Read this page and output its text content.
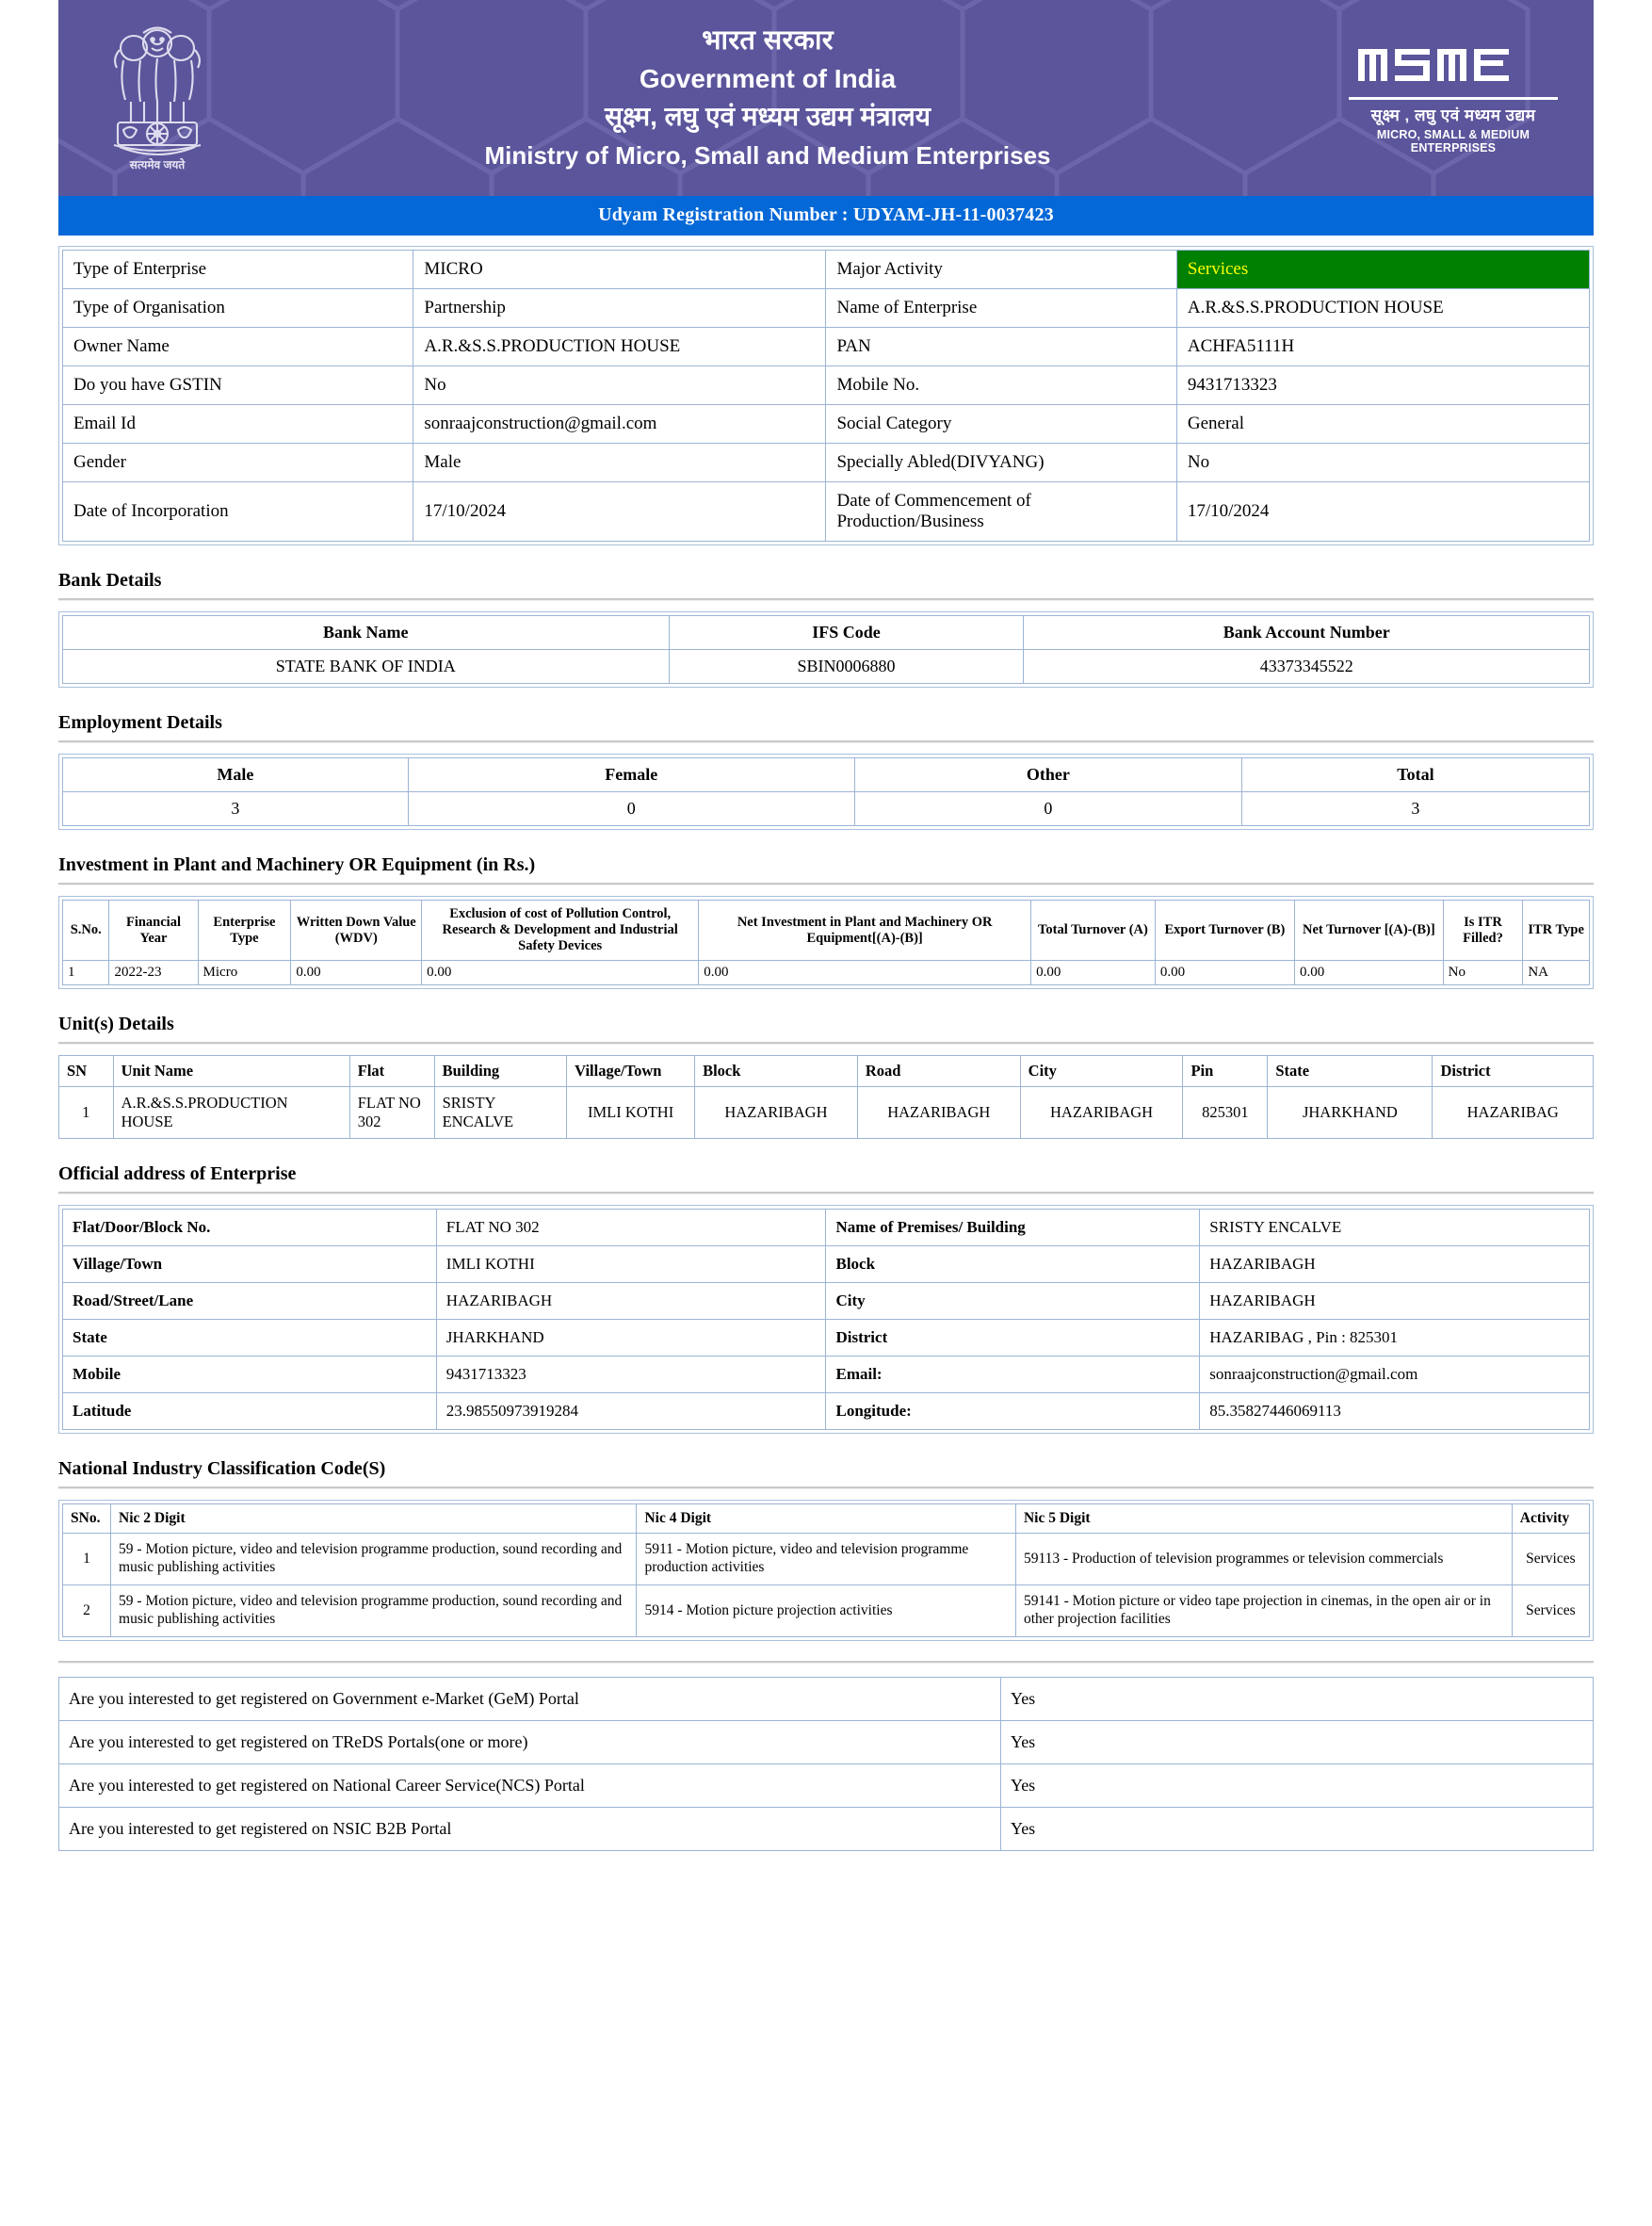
सत्यमेव जयते
भारत सरकार
Government of India
सूक्ष्म, लघु एवं मध्यम उद्यम मंत्रालय
Ministry of Micro, Small and Medium Enterprises
सूक्ष्म , लघु एवं मध्यम उद्यम
MICRO, SMALL & MEDIUM ENTERPRISES
Udyam Registration Number : UDYAM-JH-11-0037423
Type of Enterprise	MICRO	Major Activity	Services
Type of Organisation	Partnership	Name of Enterprise	A.R.&S.S.PRODUCTION HOUSE
Owner Name	A.R.&S.S.PRODUCTION HOUSE	PAN	ACHFA5111H
Do you have GSTIN	No	Mobile No.	9431713323
Email Id	sonraajconstruction@gmail.com	Social Category	General
Gender	Male	Specially Abled(DIVYANG)	No
Date of Incorporation	17/10/2024	Date of Commencement of Production/Business	17/10/2024
Bank Details
Bank Name	IFS Code	Bank Account Number
STATE BANK OF INDIA	SBIN0006880	43373345522
Employment Details
Male	Female	Other	Total
3	0	0	3
Investment in Plant and Machinery OR Equipment (in Rs.)
S.No.	Financial Year	Enterprise Type	Written Down Value (WDV)	Exclusion of cost of Pollution Control, Research & Development and Industrial Safety Devices	Net Investment in Plant and Machinery OR Equipment[(A)-(B)]	Total Turnover (A)	Export Turnover (B)	Net Turnover [(A)-(B)]	Is ITR Filled?	ITR Type
1	2022-23	Micro	0.00	0.00	0.00	0.00	0.00	0.00	No	NA
Unit(s) Details
SN	Unit Name	Flat	Building	Village/Town	Block	Road	City	Pin	State	District
1	A.R.&S.S.PRODUCTION HOUSE	FLAT NO 302	SRISTY ENCALVE	IMLI KOTHI	HAZARIBAGH	HAZARIBAGH	HAZARIBAGH	825301	JHARKHAND	HAZARIBAG
Official address of Enterprise
Flat/Door/Block No.	FLAT NO 302	Name of Premises/ Building	SRISTY ENCALVE
Village/Town	IMLI KOTHI	Block	HAZARIBAGH
Road/Street/Lane	HAZARIBAGH	City	HAZARIBAGH
State	JHARKHAND	District	HAZARIBAG , Pin : 825301
Mobile	9431713323	Email:	sonraajconstruction@gmail.com
Latitude	23.98550973919284	Longitude:	85.35827446069113
National Industry Classification Code(S)
SNo.	Nic 2 Digit	Nic 4 Digit	Nic 5 Digit	Activity
1	59 - Motion picture, video and television programme production, sound recording and music publishing activities	5911 - Motion picture, video and television programme production activities	59113 - Production of television programmes or television commercials	Services
2	59 - Motion picture, video and television programme production, sound recording and music publishing activities	5914 - Motion picture projection activities	59141 - Motion picture or video tape projection in cinemas, in the open air or in other projection facilities	Services
Are you interested to get registered on Government e-Market (GeM) Portal	Yes
Are you interested to get registered on TReDS Portals(one or more)	Yes
Are you interested to get registered on National Career Service(NCS) Portal	Yes
Are you interested to get registered on NSIC B2B Portal	Yes
